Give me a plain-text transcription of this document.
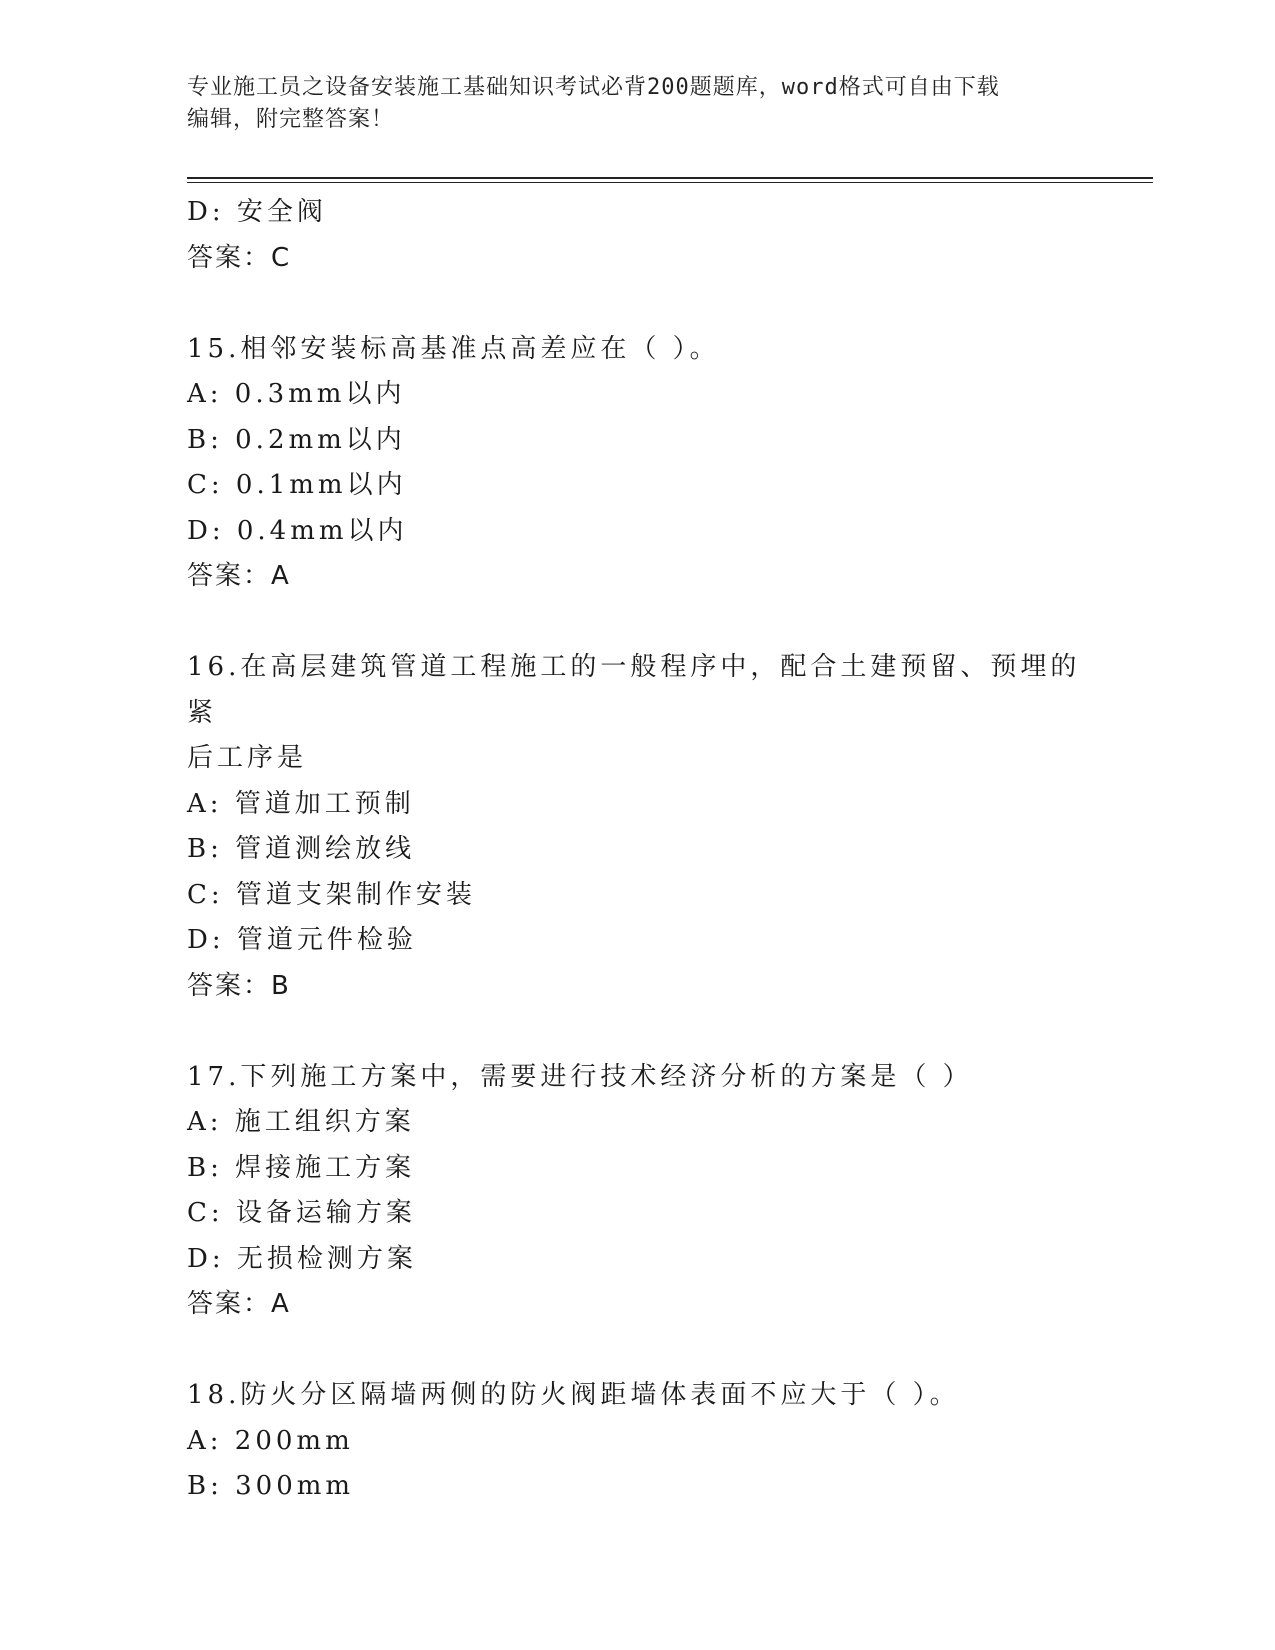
专业施工员之设备安装施工基础知识考试必背200题题库，word格式可自由下载
编辑，附完整答案！
D: 安全阀
答案：C
15.相邻安装标高基准点高差应在（ ）。
A: 0.3mm以内
B: 0.2mm以内
C: 0.1mm以内
D: 0.4mm以内
答案：A
16.在高层建筑管道工程施工的一般程序中，配合土建预留、预埋的紧
后工序是
A: 管道加工预制
B: 管道测绘放线
C: 管道支架制作安装
D: 管道元件检验
答案：B
17.下列施工方案中，需要进行技术经济分析的方案是（ ）
A: 施工组织方案
B: 焊接施工方案
C: 设备运输方案
D: 无损检测方案
答案：A
18.防火分区隔墙两侧的防火阀距墙体表面不应大于（ ）。
A: 200mm
B: 300mm
